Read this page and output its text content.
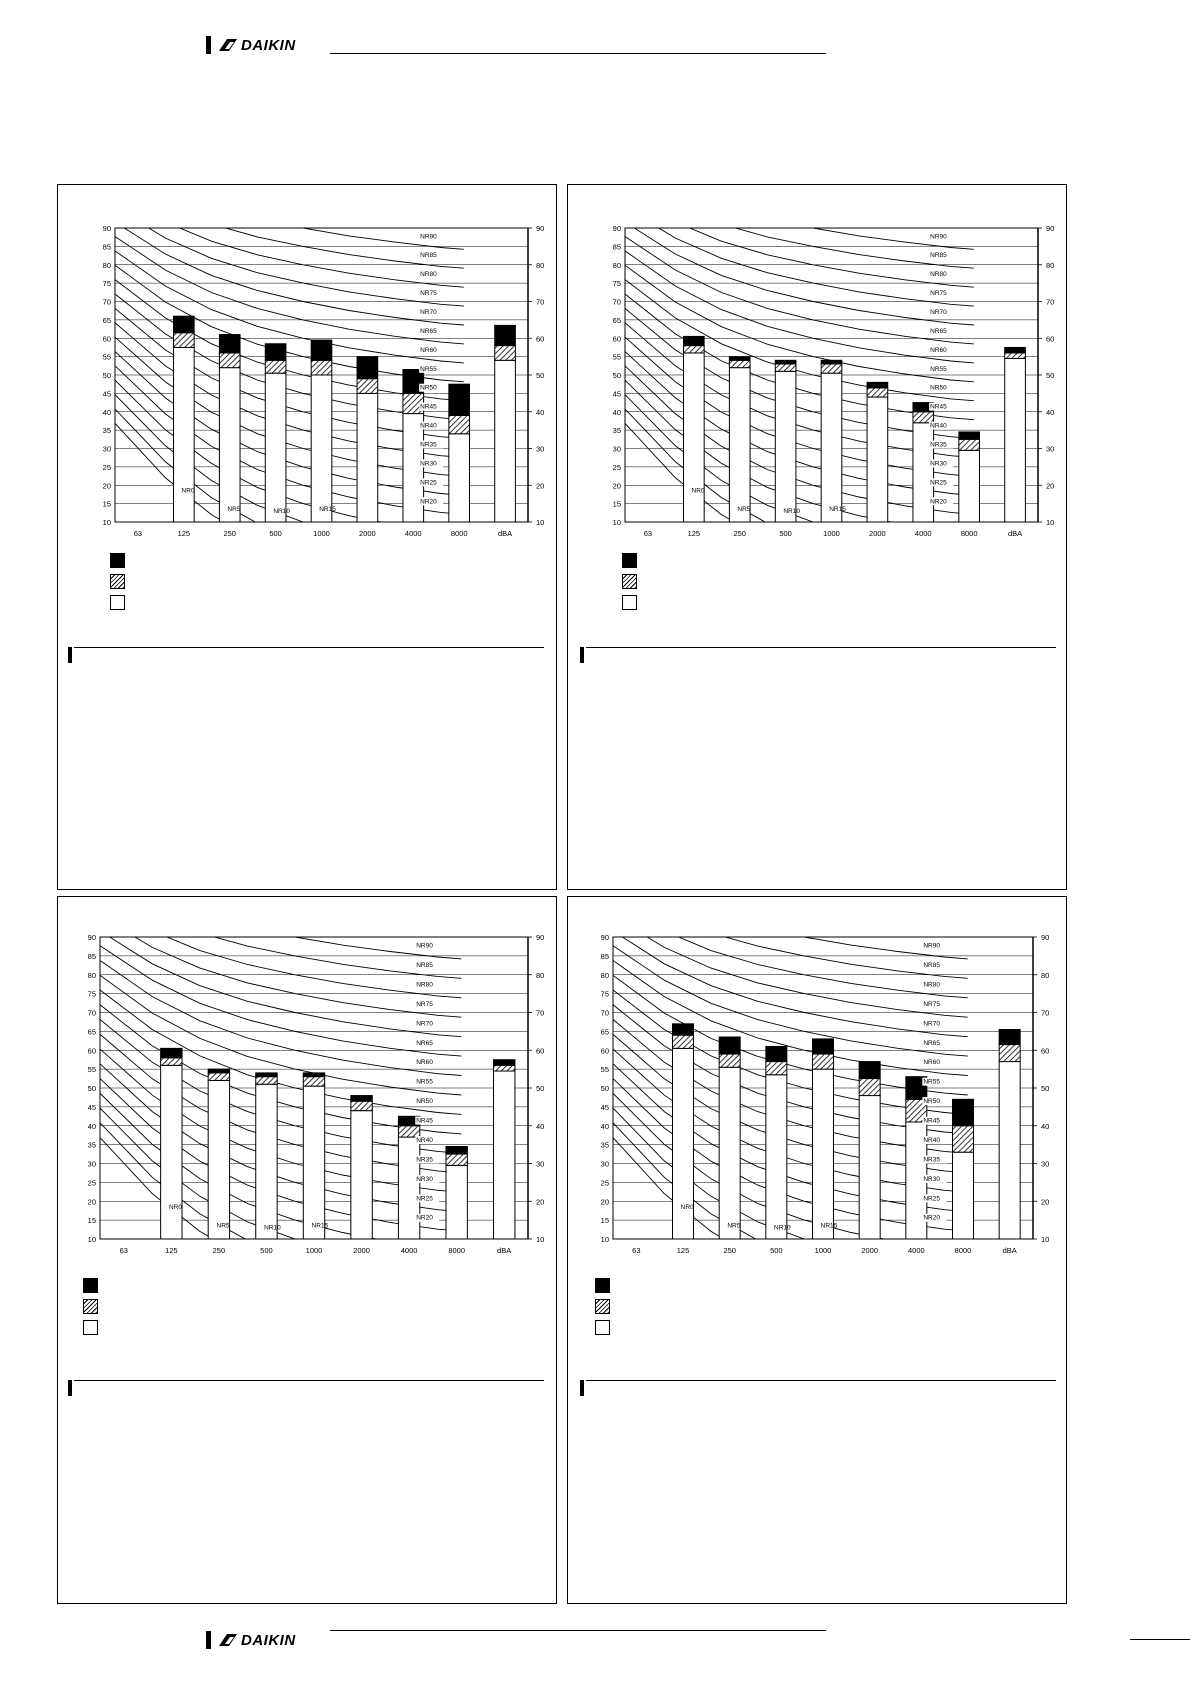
DAIKIN
10
15
20
25
30
35
40
45
50
55
60
65
70
75
80
85
90
10
20
30
40
50
60
70
80
90
63	125	250	500	1000	2000	4000	8000	dBA
NR90
NR85
NR80
NR75
NR70
NR65
NR60
NR55
NR50
NR45
NR40
NR35
NR30
NR25
NR20
NR0
NR5	NR10	NR15
10
15
20
25
30
35
40
45
50
55
60
65
70
75
80
85
90
10
20
30
40
50
60
70
80
90
63	125	250	500	1000	2000	4000	8000	dBA
NR90
NR85
NR80
NR75
NR70
NR65
NR60
NR55
NR50
NR45
NR40
NR35
NR30
NR25
NR20
NR0
NR5	NR10	NR15
10
15
20
25
30
35
40
45
50
55
60
65
70
75
80
85
90
10
20
30
40
50
60
70
80
90
63	125	250	500	1000	2000	4000	8000	dBA
NR90
NR85
NR80
NR75
NR70
NR65
NR60
NR55
NR50
NR45
NR40
NR35
NR30
NR25
NR20
NR0
NR5	NR10	NR15
10
15
20
25
30
35
40
45
50
55
60
65
70
75
80
85
90
10
20
30
40
50
60
70
80
90
63	125	250	500	1000	2000	4000	8000	dBA
NR90
NR85
NR80
NR75
NR70
NR65
NR60
NR55
NR50
NR45
NR40
NR35
NR30
NR25
NR20
NR0
NR5	NR10	NR15
DAIKIN
